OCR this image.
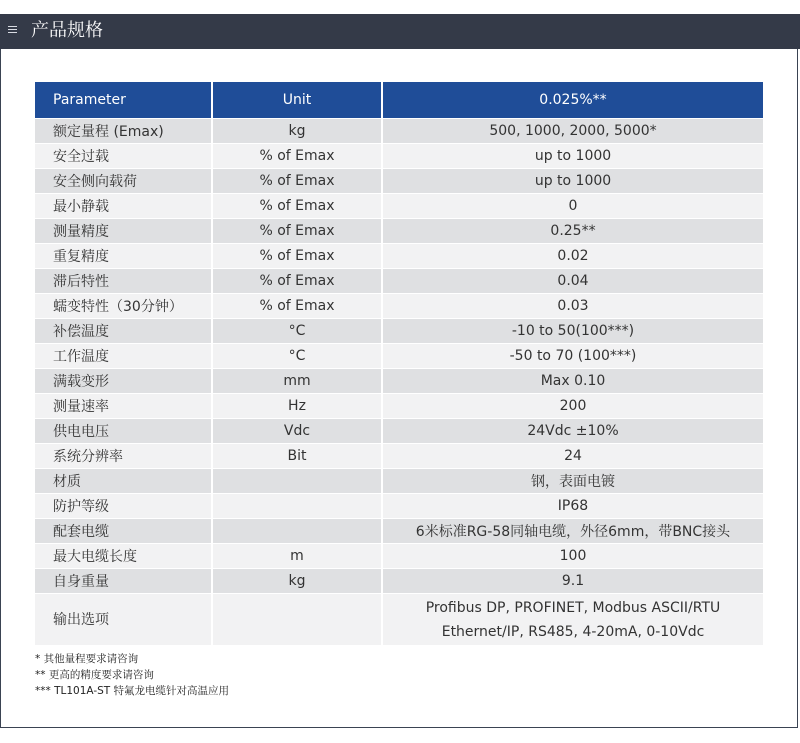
产品规格
Parameter	Unit	0.025%**
额定量程 (Emax)	kg	500, 1000, 2000, 5000*
安全过载	% of Emax	up to 1000
安全侧向载荷	% of Emax	up to 1000
最小静载	% of Emax	0
测量精度	% of Emax	0.25**
重复精度	% of Emax	0.02
滞后特性	% of Emax	0.04
蠕变特性（30分钟）	% of Emax	0.03
补偿温度	°C	-10 to 50(100***)
工作温度	°C	-50 to 70 (100***)
满载变形	mm	Max 0.10
测量速率	Hz	200
供电电压	Vdc	24Vdc ±10%
系统分辨率	Bit	24
材质		钢，表面电镀
防护等级		IP68
配套电缆		6米标准RG-58同轴电缆，外径6mm，带BNC接头
最大电缆长度	m	100
自身重量	kg	9.1
输出选项		Profibus DP, PROFINET, Modbus ASCII/RTU
Ethernet/IP, RS485, 4-20mA, 0-10Vdc
* 其他量程要求请咨询
** 更高的精度要求请咨询
*** TL101A-ST 特氟龙电缆针对高温应用
